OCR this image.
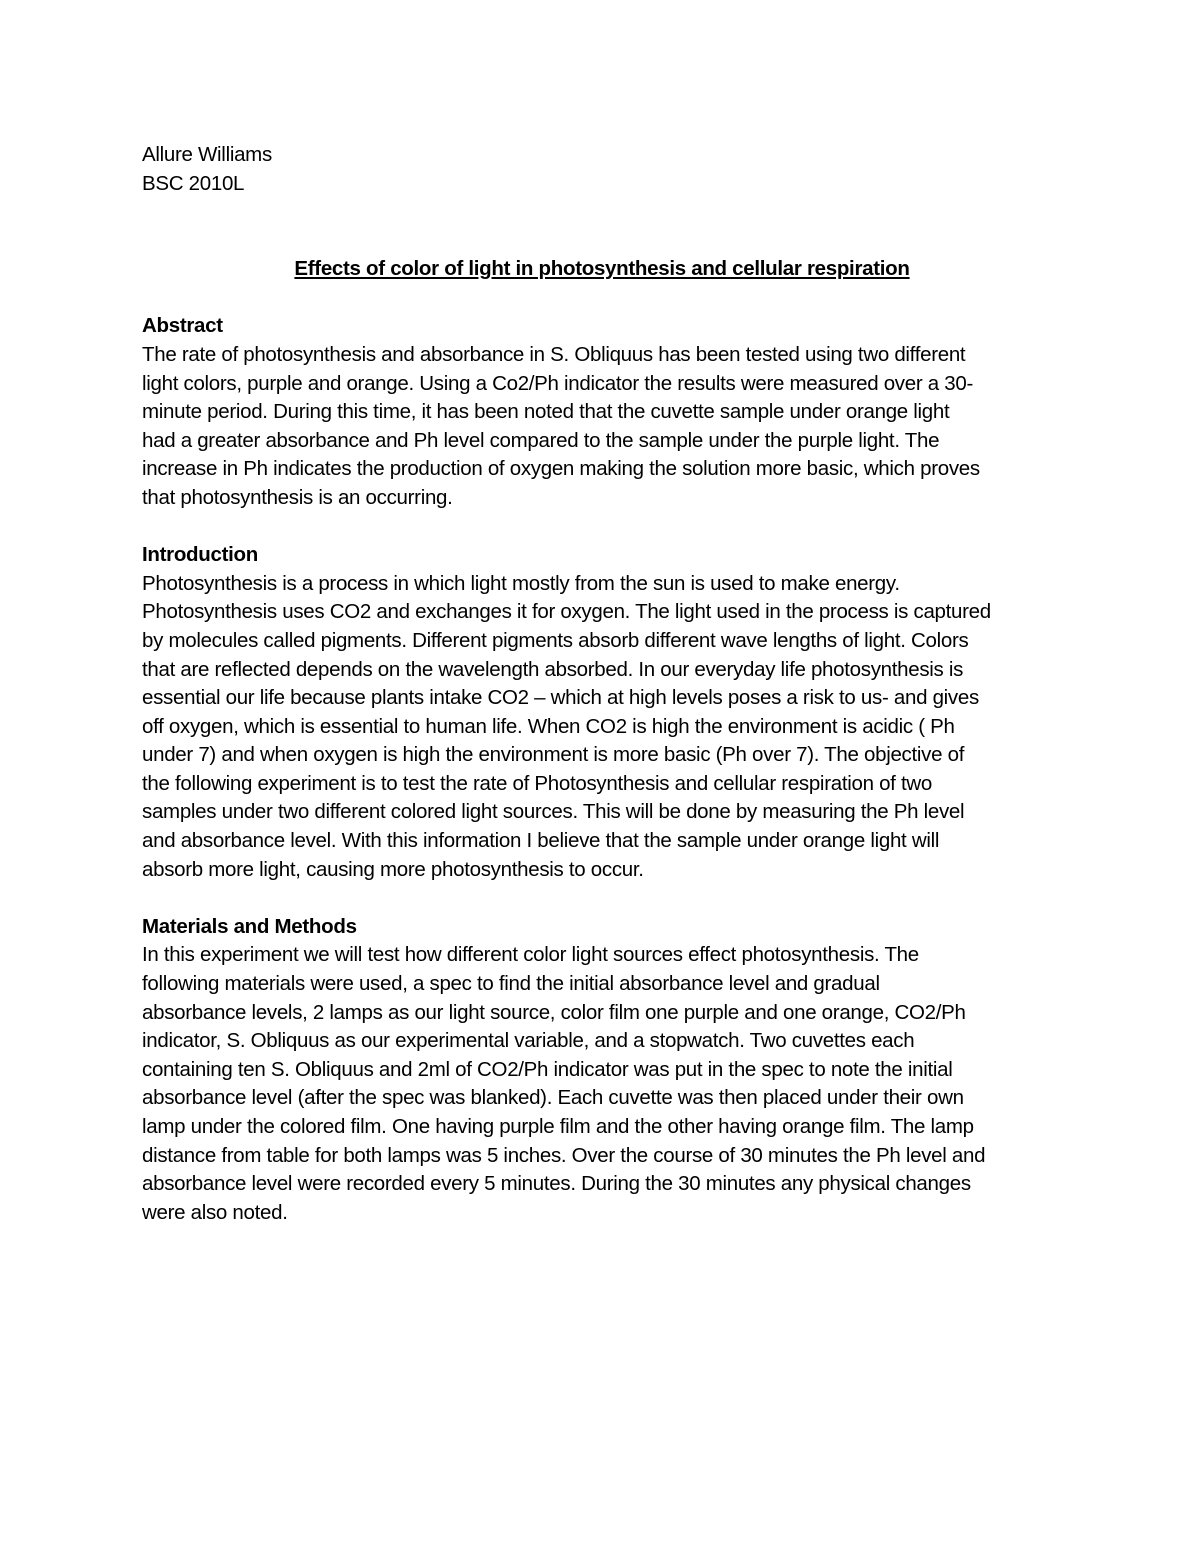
Allure Williams
BSC 2010L
Effects of color of light in photosynthesis and cellular respiration
Abstract
The rate of photosynthesis and absorbance in S. Obliquus has been tested using two different
light colors, purple and orange. Using a Co2/Ph indicator the results were measured over a 30-
minute period. During this time, it has been noted that the cuvette sample under orange light
had a greater absorbance and Ph level compared to the sample under the purple light. The
increase in Ph indicates the production of oxygen making the solution more basic, which proves
that photosynthesis is an occurring.
Introduction
Photosynthesis is a process in which light mostly from the sun is used to make energy.
Photosynthesis uses CO2 and exchanges it for oxygen. The light used in the process is captured
by molecules called pigments. Different pigments absorb different wave lengths of light. Colors
that are reflected depends on the wavelength absorbed. In our everyday life photosynthesis is
essential our life because plants intake CO2 – which at high levels poses a risk to us- and gives
off oxygen, which is essential to human life. When CO2 is high the environment is acidic ( Ph
under 7) and when oxygen is high the environment is more basic (Ph over 7). The objective of
the following experiment is to test the rate of Photosynthesis and cellular respiration of two
samples under two different colored light sources. This will be done by measuring the Ph level
and absorbance level. With this information I believe that the sample under orange light will
absorb more light, causing more photosynthesis to occur.
Materials and Methods
In this experiment we will test how different color light sources effect photosynthesis. The
following materials were used, a spec to find the initial absorbance level and gradual
absorbance levels, 2 lamps as our light source, color film one purple and one orange, CO2/Ph
indicator, S. Obliquus as our experimental variable, and a stopwatch. Two cuvettes each
containing ten S. Obliquus and 2ml of CO2/Ph indicator was put in the spec to note the initial
absorbance level (after the spec was blanked). Each cuvette was then placed under their own
lamp under the colored film. One having purple film and the other having orange film. The lamp
distance from table for both lamps was 5 inches. Over the course of 30 minutes the Ph level and
absorbance level were recorded every 5 minutes. During the 30 minutes any physical changes
were also noted.
